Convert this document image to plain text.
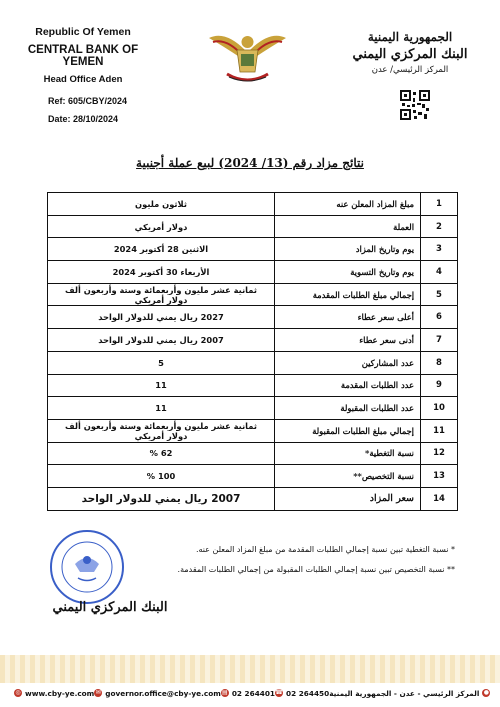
Republic Of Yemen
CENTRAL BANK OF YEMEN
Head Office Aden
Ref: 605/CBY/2024
Date: 28/10/2024
الجمهورية اليمنية
البنك المركزي اليمني
المركز الرئيسي/ عدن
نتائج مزاد رقم (13/ 2024) لبيع عملة أجنبية
1	مبلغ المزاد المعلن عنه	ثلاثون مليون
2	العملة	دولار أمريكي
3	يوم وتاريخ المزاد	الاثنين 28 أكتوبر 2024
4	يوم وتاريخ التسوية	الأربعاء 30 أكتوبر 2024
5	إجمالي مبلغ الطلبات المقدمة	ثمانية عشر مليون وأربعمائة وستة وأربعون ألف دولار أمريكي
6	أعلى سعر عطاء	2027 ريال يمني للدولار الواحد
7	أدنى سعر عطاء	2007 ريال يمني للدولار الواحد
8	عدد المشاركين	5
9	عدد الطلبات المقدمة	11
10	عدد الطلبات المقبولة	11
11	إجمالي مبلغ الطلبات المقبولة	ثمانية عشر مليون وأربعمائة وستة وأربعون ألف دولار أمريكي
12	نسبة التغطية*	62 %
13	نسبة التخصيص**	100 %
14	سعر المزاد	2007 ريال يمني للدولار الواحد
* نسبة التغطية تبين نسبة إجمالي الطلبات المقدمة من مبلغ المزاد المعلن عنه.
** نسبة التخصيص تبين نسبة إجمالي الطلبات المقبولة من إجمالي الطلبات المقدمة.
البنك المركزي اليمني
◎ www.cby-ye.com ✉ governor.office@cby-ye.com ▤ 02 264401 ☎ 02 264450	●
المركز الرئيسي - عدن - الجمهورية اليمنية
